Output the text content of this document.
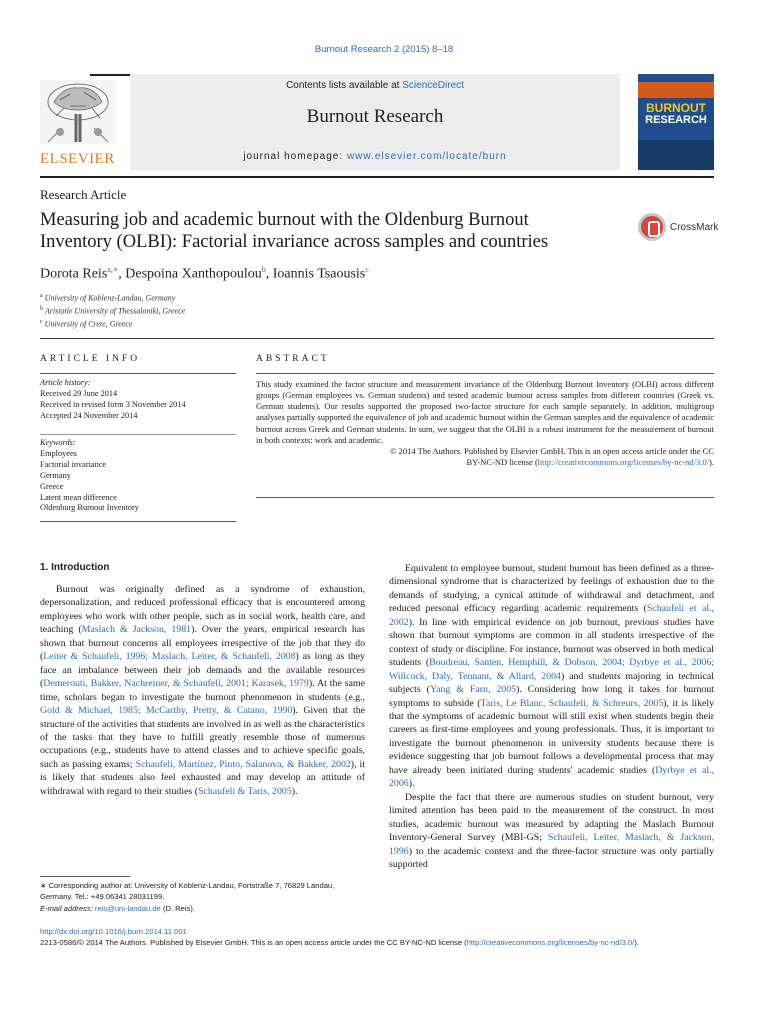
Burnout Research 2 (2015) 8–18
ELSEVIER
Contents lists available at ScienceDirect
Burnout Research
journal homepage: www.elsevier.com/locate/burn
BURNOUT
RESEARCH
Research Article
Measuring job and academic burnout with the Oldenburg Burnout
Inventory (OLBI): Factorial invariance across samples and countries
CrossMark
Dorota Reis$^{a,∗}$, Despoina Xanthopoulou$^b$, Ioannis Tsaousis$^c$
$^a$ University of Koblenz-Landau, Germany
$^b$ Aristotle University of Thessaloniki, Greece
$^c$ University of Crete, Greece
ARTICLE INFO	ABSTRACT
Article history:
Received 29 June 2014
Received in revised form 3 November 2014
Accepted 24 November 2014
Keywords:
Employees
Factorial invariance
Germany
Greece
Latent mean difference
Oldenburg Burnout Inventory
This study examined the factor structure and measurement invariance of the Oldenburg Burnout Inventory (OLBI) across different groups (German employees vs. German students) and tested academic burnout across samples from different countries (Greek vs. German students). Our results supported the proposed two-factor structure for each sample separately. In addition, multigroup analyses partially supported the equivalence of job and academic burnout within the German samples and the equivalence of academic burnout across Greek and German students. In sum, we suggest that the OLBI is a robust instrument for the measurement of burnout in both contexts: work and academic.
© 2014 The Authors. Published by Elsevier GmbH. This is an open access article under the CC
BY-NC-ND license (http://creativecommons.org/licenses/by-nc-nd/3.0/).
1. Introduction

Burnout was originally defined as a syndrome of exhaustion, depersonalization, and reduced professional efficacy that is encountered among employees who work with other people, such as in social work, health care, and teaching (Maslach & Jackson, 1981). Over the years, empirical research has shown that burnout concerns all employees irrespective of the job that they do (Leiter & Schaufeli, 1996; Maslach, Leiter, & Schaufeli, 2008) as long as they face an imbalance between their job demands and the available resources (Demerouti, Bakker, Nachreiner, & Schaufeli, 2001; Karasek, 1979). At the same time, scholars began to investigate the burnout phenomenon in students (e.g., Gold & Michael, 1985; McCarthy, Pretty, & Catano, 1990). Given that the structure of the activities that students are involved in as well as the characteristics of the tasks that they have to fulfill greatly resemble those of numerous occupations (e.g., students have to attend classes and to achieve specific goals, such as passing exams; Schaufeli, Martínez, Pinto, Salanova, & Bakker, 2002), it is likely that students also feel exhausted and may develop an attitude of withdrawal with regard to their studies (Schaufeli & Taris, 2005).

Equivalent to employee burnout, student burnout has been defined as a three-dimensional syndrome that is characterized by feelings of exhaustion due to the demands of studying, a cynical attitude of withdrawal and detachment, and reduced personal efficacy regarding academic requirements (Schaufeli et al., 2002). In line with empirical evidence on job burnout, previous studies have shown that burnout symptoms are common in all students irrespective of the context of study or discipline. For instance, burnout was observed in both medical students (Boudreau, Santen, Hemphill, & Dobson, 2004; Dyrbye et al., 2006; Willcock, Daly, Tennant, & Allard, 2004) and students majoring in technical subjects (Yang & Farn, 2005). Considering how long it takes for burnout symptoms to subside (Taris, Le Blanc, Schaufeli, & Schreurs, 2005), it is likely that the symptoms of academic burnout will still exist when students begin their careers as first-time employees and young professionals. Thus, it is important to investigate the burnout phenomenon in university students because there is evidence suggesting that job burnout follows a developmental process that may have already been initiated during students' academic studies (Dyrbye et al., 2006).

Despite the fact that there are numerous studies on student burnout, very limited attention has been paid to the measurement of the construct. In most studies, academic burnout was measured by adapting the Maslach Burnout Inventory-General Survey (MBI-GS; Schaufeli, Leiter, Maslach, & Jackson, 1996) to the academic context and the three-factor structure was only partially supported

∗ Corresponding author at: University of Koblenz-Landau, Fortstraße 7, 76829 Landau, Germany. Tel.: +49 06341 28031199.
E-mail address: reis@uni-landau.de (D. Reis).
http://dx.doi.org/10.1016/j.burn.2014.11.001
2213-0586/© 2014 The Authors. Published by Elsevier GmbH. This is an open access article under the CC BY-NC-ND license (http://creativecommons.org/licenses/by-nc-nd/3.0/).
